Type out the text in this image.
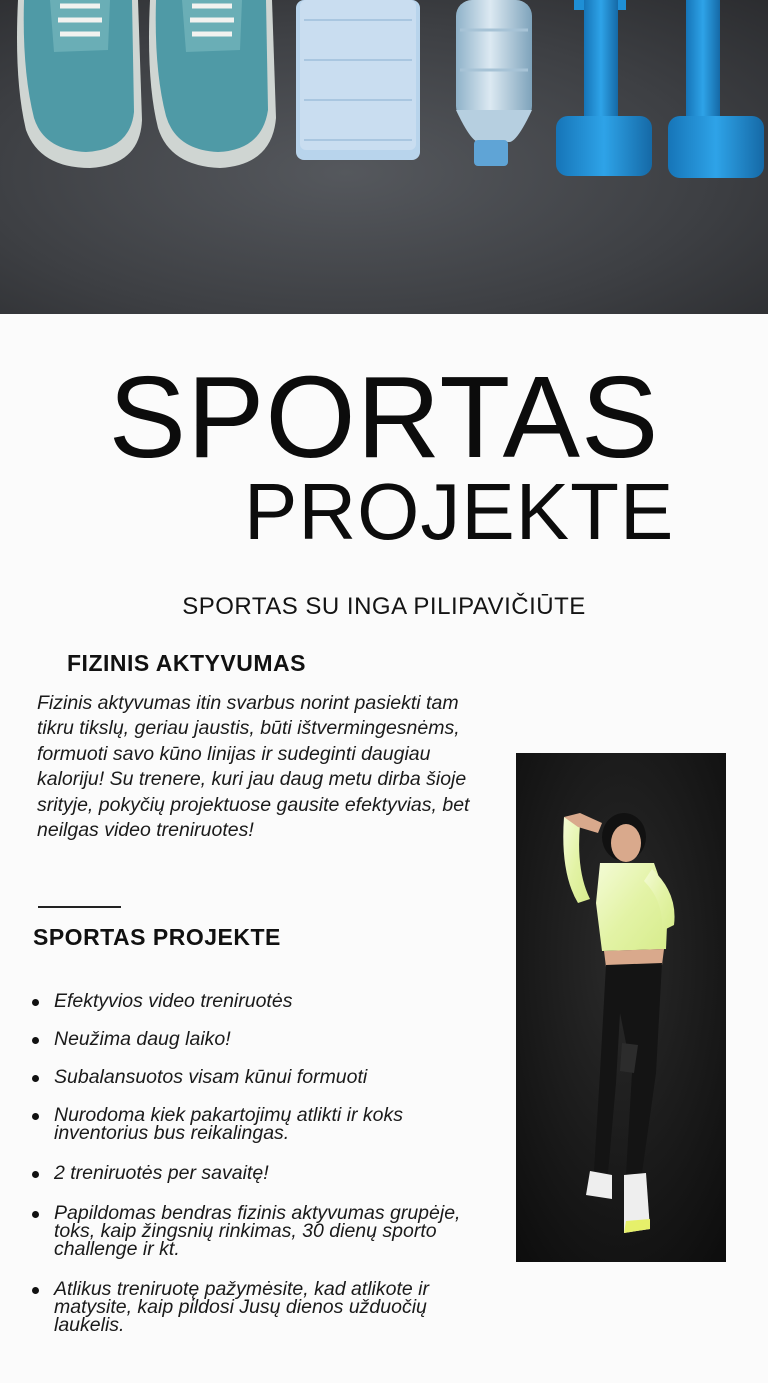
SPORTAS
PROJEKTE
SPORTAS SU INGA PILIPAVIČIŪTE
FIZINIS AKTYVUMAS

Fizinis aktyvumas itin svarbus norint pasiekti tam tikru tikslų, geriau jaustis, būti ištvermingesnėms, formuoti savo kūno linijas ir sudeginti daugiau kaloriju! Su trenere, kuri jau daug metu dirba šioje srityje, pokyčių projektuose gausite efektyvias, bet neilgas video treniruotes!

SPORTAS PROJEKTE
Efektyvios video treniruotės
Neužima daug laiko!
Subalansuotos visam kūnui formuoti
Nurodoma kiek pakartojimų atlikti ir koks inventorius bus reikalingas.
2 treniruotės per savaitę!
Papildomas bendras fizinis aktyvumas grupėje, toks, kaip žingsnių rinkimas, 30 dienų sporto challenge ir kt.
Atlikus treniruotę pažymėsite, kad atlikote ir matysite, kaip pildosi Jusų dienos užduočių laukelis.
